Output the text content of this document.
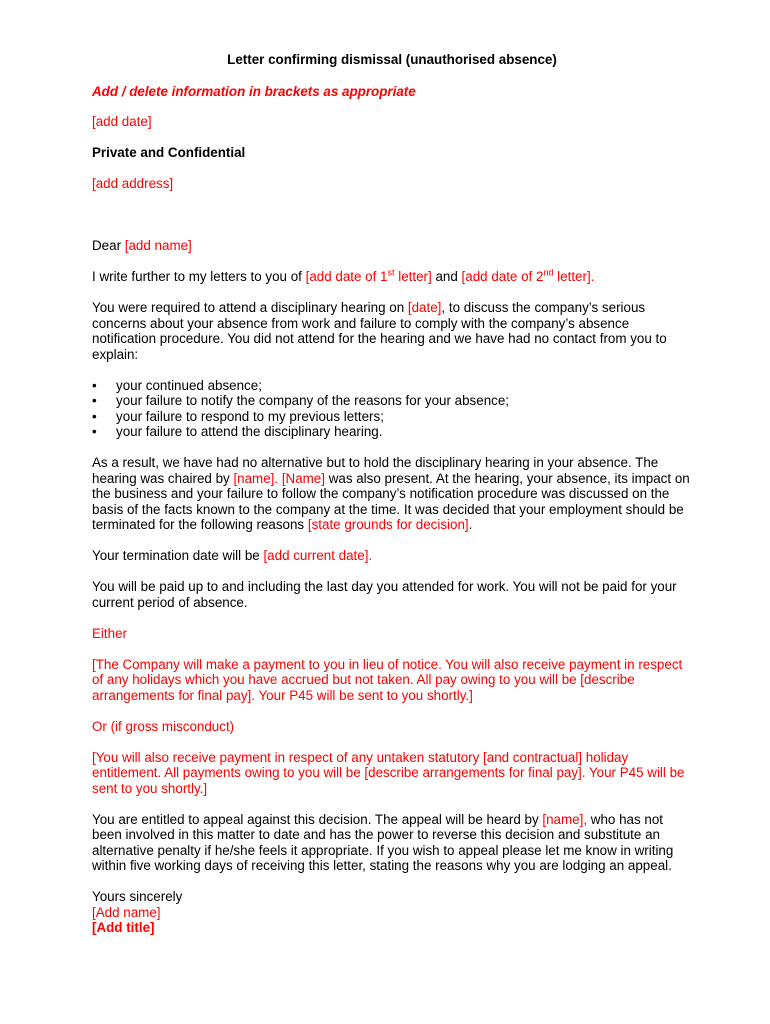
Letter confirming dismissal (unauthorised absence)

Add / delete information in brackets as appropriate

[add date]

Private and Confidential

[add address]

Dear [add name]

I write further to my letters to you of [add date of 1st letter] and [add date of 2nd letter].

You were required to attend a disciplinary hearing on [date], to discuss the company’s serious concerns about your absence from work and failure to comply with the company’s absence notification procedure. You did not attend for the hearing and we have had no contact from you to explain:

• your continued absence;
• your failure to notify the company of the reasons for your absence;
• your failure to respond to my previous letters;
• your failure to attend the disciplinary hearing.

As a result, we have had no alternative but to hold the disciplinary hearing in your absence. The hearing was chaired by [name]. [Name] was also present. At the hearing, your absence, its impact on the business and your failure to follow the company’s notification procedure was discussed on the basis of the facts known to the company at the time. It was decided that your employment should be terminated for the following reasons [state grounds for decision].

Your termination date will be [add current date].

You will be paid up to and including the last day you attended for work. You will not be paid for your current period of absence.

Either

[The Company will make a payment to you in lieu of notice. You will also receive payment in respect of any holidays which you have accrued but not taken. All pay owing to you will be [describe arrangements for final pay]. Your P45 will be sent to you shortly.]

Or (if gross misconduct)

[You will also receive payment in respect of any untaken statutory [and contractual] holiday entitlement. All payments owing to you will be [describe arrangements for final pay]. Your P45 will be sent to you shortly.]

You are entitled to appeal against this decision. The appeal will be heard by [name], who has not been involved in this matter to date and has the power to reverse this decision and substitute an alternative penalty if he/she feels it appropriate. If you wish to appeal please let me know in writing within five working days of receiving this letter, stating the reasons why you are lodging an appeal.

Yours sincerely

[Add name]

[Add title]
